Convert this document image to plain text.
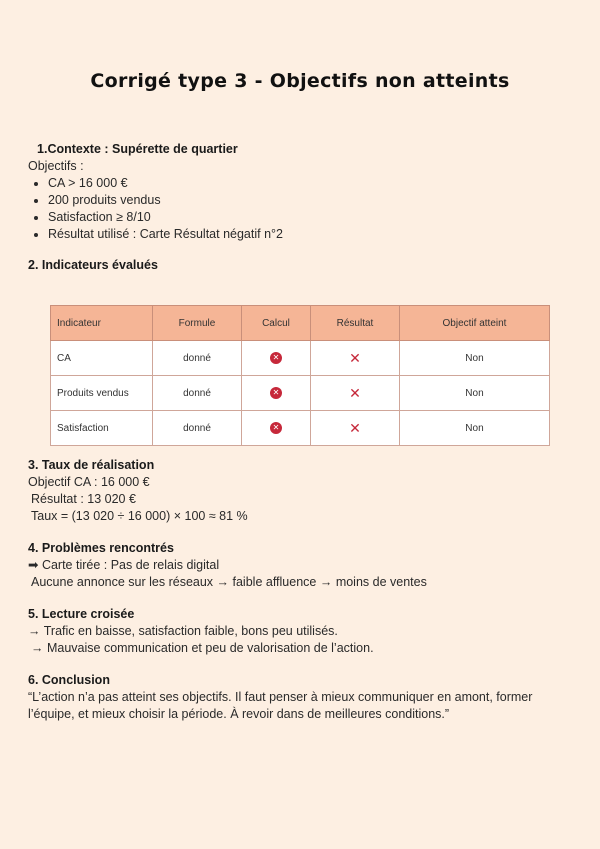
Corrigé type 3 - Objectifs non atteints
1.Contexte : Supérette de quartier
Objectifs :
• CA > 16 000 €
• 200 produits vendus
• Satisfaction ≥ 8/10
• Résultat utilisé : Carte Résultat négatif n°2
2. Indicateurs évalués
Indicateur	Formule	Calcul	Résultat	Objectif atteint
CA	donné	✕	✕	Non
Produits vendus	donné	✕	✕	Non
Satisfaction	donné	✕	✕	Non
3. Taux de réalisation
Objectif CA : 16 000 €
Résultat : 13 020 €
Taux = (13 020 ÷ 16 000) × 100 ≈ 81 %
4. Problèmes rencontrés
➡ Carte tirée : Pas de relais digital
Aucune annonce sur les réseaux → faible affluence → moins de ventes
5. Lecture croisée
→ Trafic en baisse, satisfaction faible, bons peu utilisés.
→ Mauvaise communication et peu de valorisation de l’action.
6. Conclusion
“L’action n’a pas atteint ses objectifs. Il faut penser à mieux communiquer en amont, former
l’équipe, et mieux choisir la période. À revoir dans de meilleures conditions.”
